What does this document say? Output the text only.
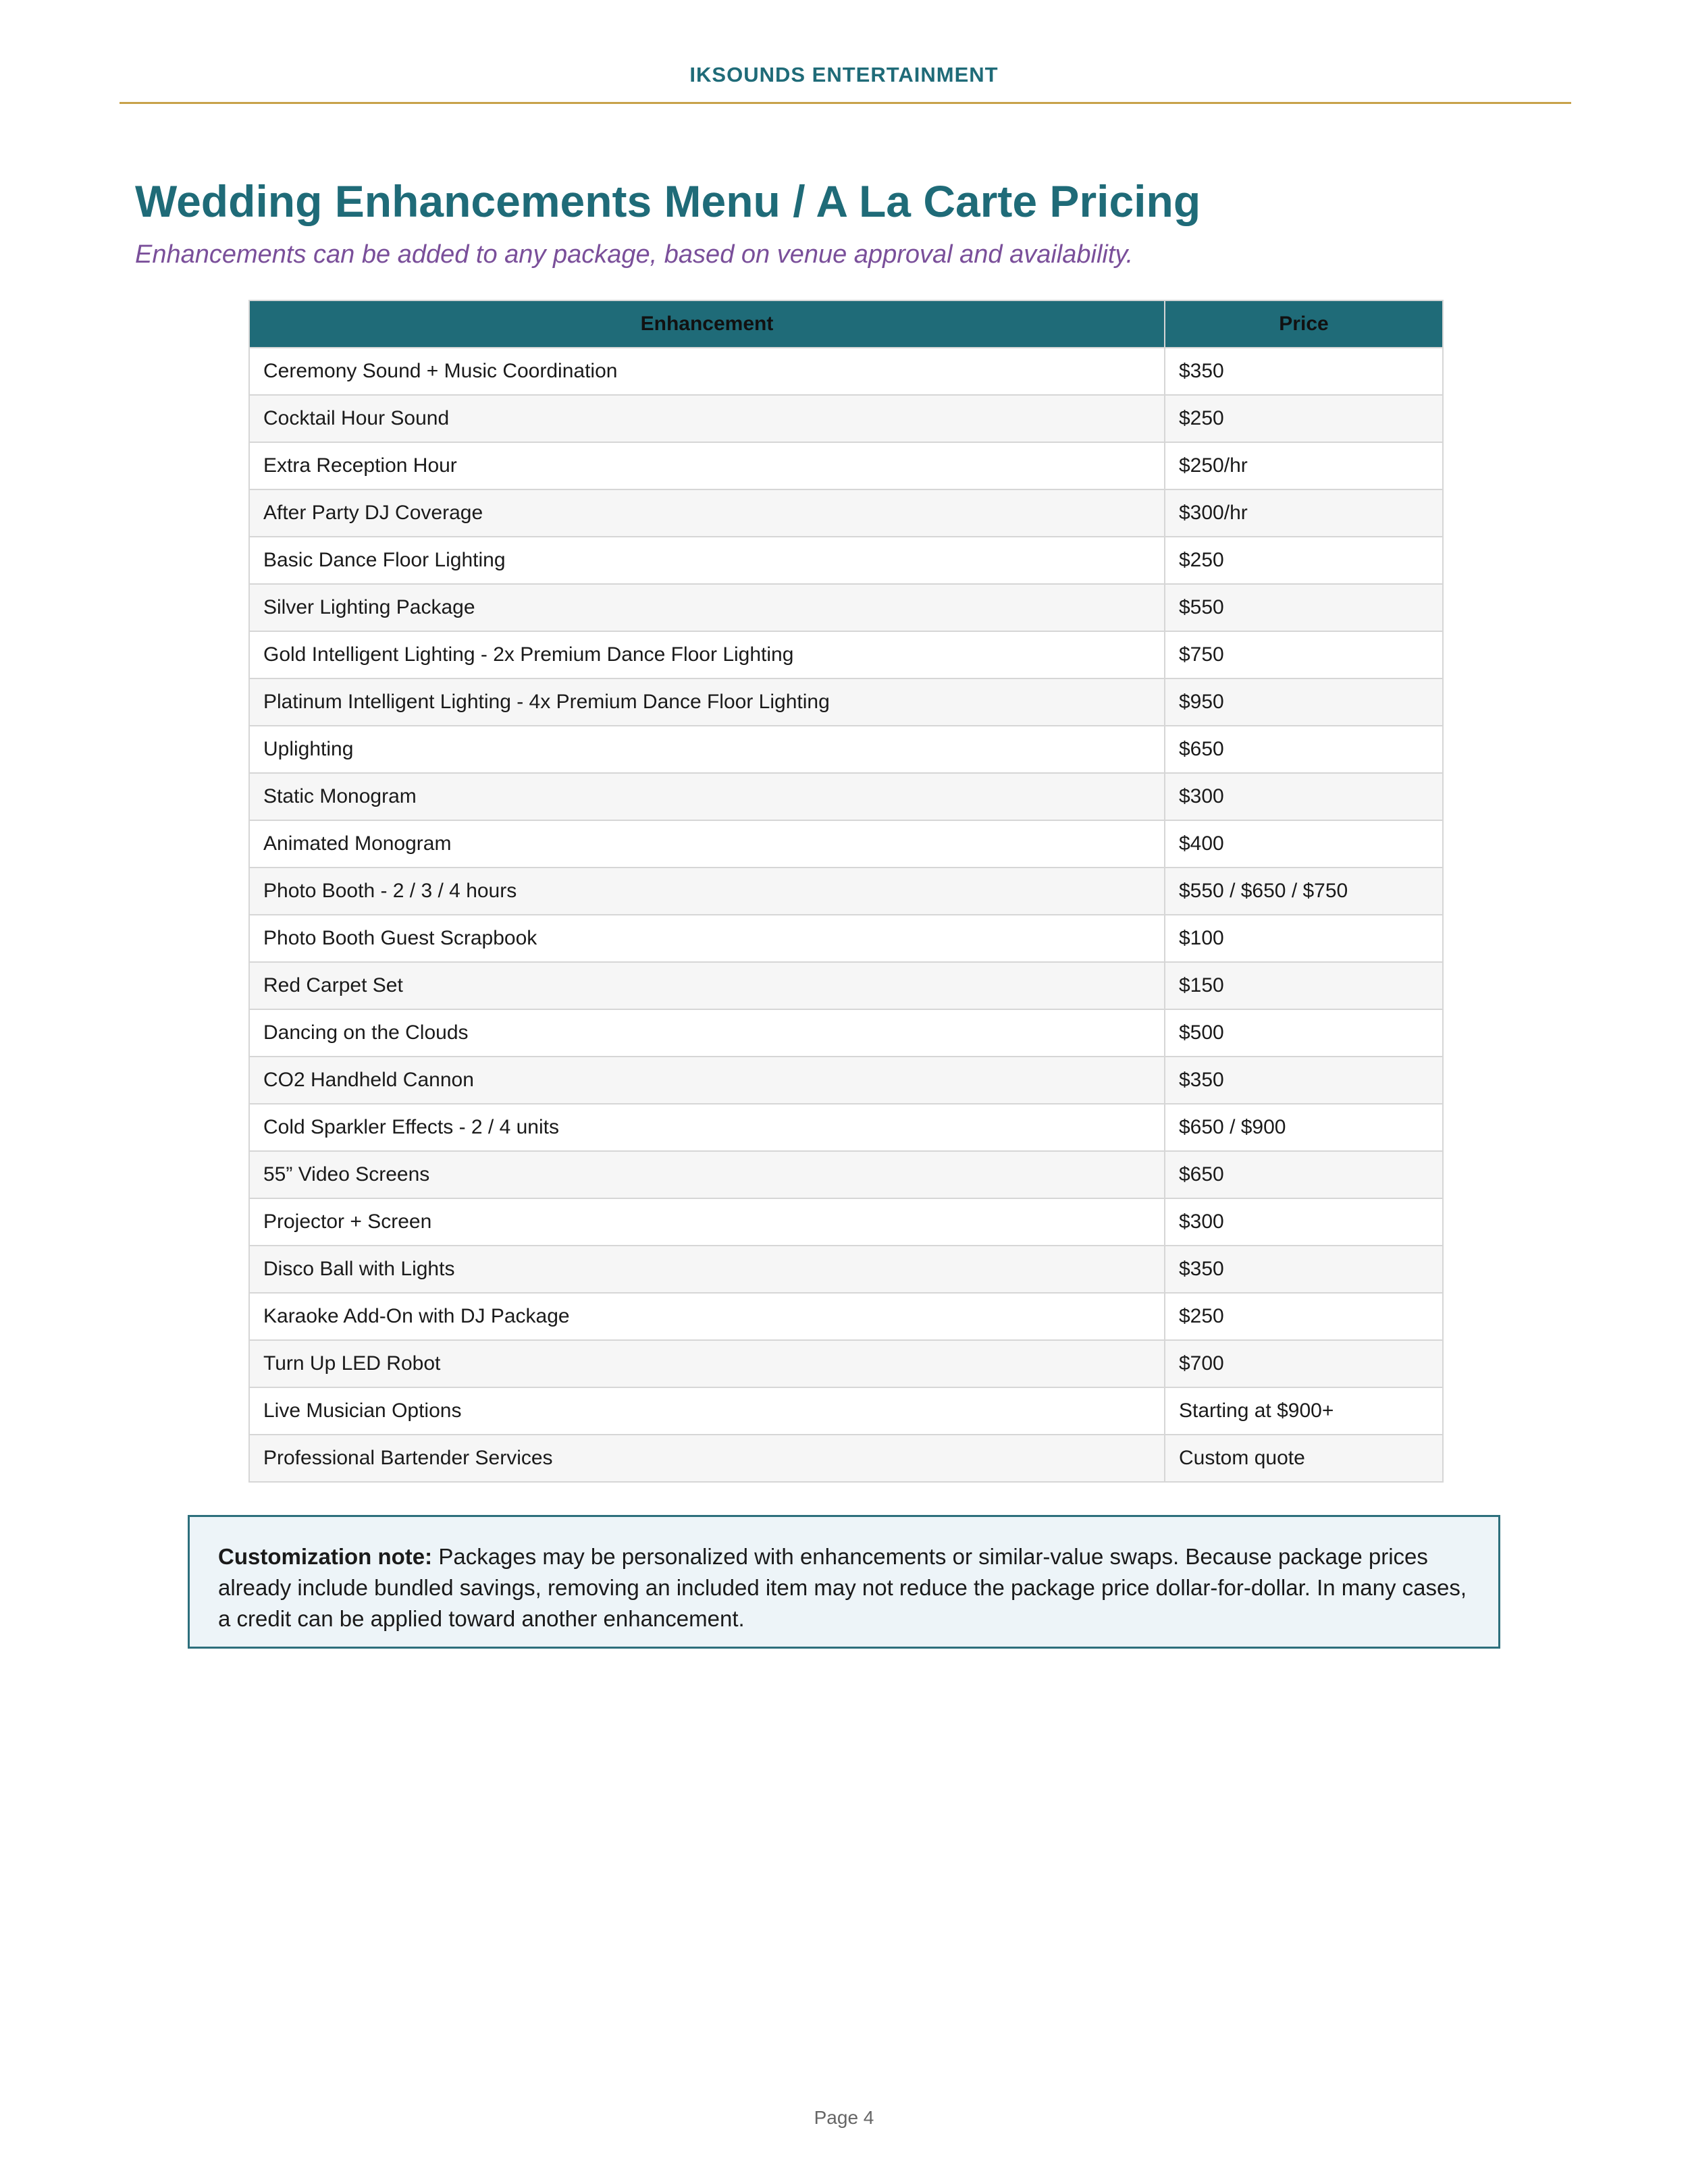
IKSOUNDS ENTERTAINMENT
Wedding Enhancements Menu / A La Carte Pricing
Enhancements can be added to any package, based on venue approval and availability.
Enhancement	Price
Ceremony Sound + Music Coordination	$350
Cocktail Hour Sound	$250
Extra Reception Hour	$250/hr
After Party DJ Coverage	$300/hr
Basic Dance Floor Lighting	$250
Silver Lighting Package	$550
Gold Intelligent Lighting - 2x Premium Dance Floor Lighting	$750
Platinum Intelligent Lighting - 4x Premium Dance Floor Lighting	$950
Uplighting	$650
Static Monogram	$300
Animated Monogram	$400
Photo Booth - 2 / 3 / 4 hours	$550 / $650 / $750
Photo Booth Guest Scrapbook	$100
Red Carpet Set	$150
Dancing on the Clouds	$500
CO2 Handheld Cannon	$350
Cold Sparkler Effects - 2 / 4 units	$650 / $900
55” Video Screens	$650
Projector + Screen	$300
Disco Ball with Lights	$350
Karaoke Add-On with DJ Package	$250
Turn Up LED Robot	$700
Live Musician Options	Starting at $900+
Professional Bartender Services	Custom quote
Customization note: Packages may be personalized with enhancements or similar-value swaps. Because package prices already include bundled savings, removing an included item may not reduce the package price dollar-for-dollar. In many cases, a credit can be applied toward another enhancement.
Page 4
